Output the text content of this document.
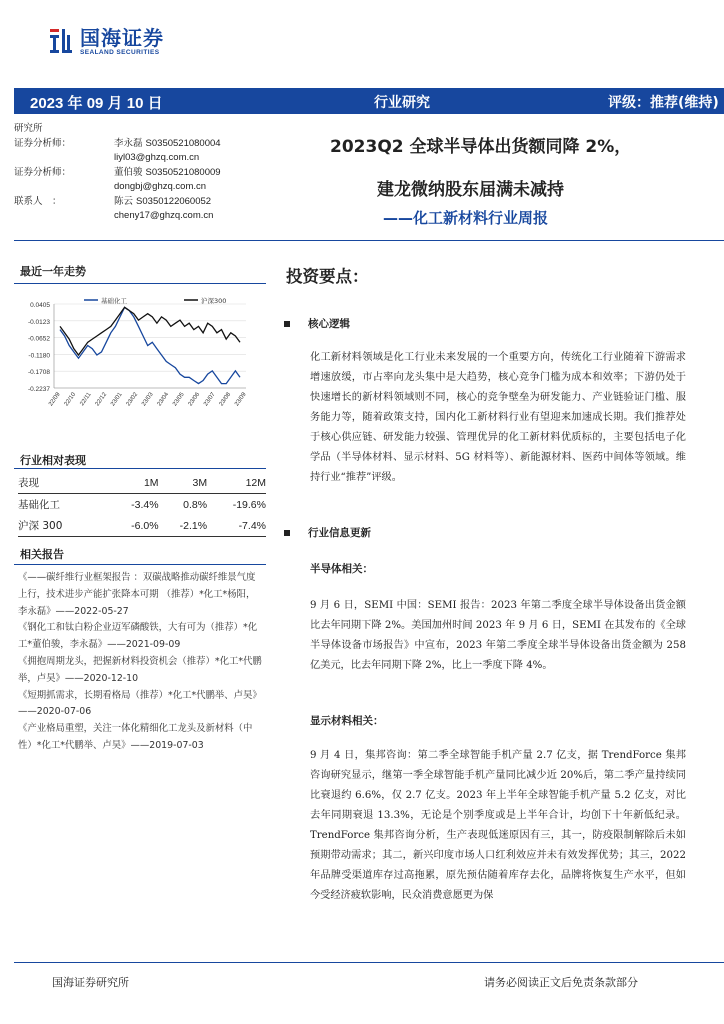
国海证券
SEALAND SECURITIES
2023 年 09 月 10 日	行业研究	评级：推荐(维持)
研究所
证券分析师：	李永磊
S0350521080004
liyl03@ghzq.com.cn
证券分析师：	董伯骏
S0350521080009
dongbj@ghzq.com.cn
联系人　：	陈云
S0350122060052
cheny17@ghzq.com.cn
2023Q2 全球半导体出货额同降 2%，
建龙微纳股东届满未减持
——化工新材料行业周报
最近一年走势
基础化工	沪深300
0.0405
-0.0123
-0.0652
-0.1180
-0.1708
-0.2237
22/09 22/10 22/11 22/12 23/01 23/02 23/03 23/04 23/05 23/06 23/07 23/08 23/09
行业相对表现
表现	1M	3M	12M
基础化工	-3.4%	0.8%	-19.6%
沪深 300	-6.0%	-2.1%	-7.4%
相关报告

《——碳纤维行业框架报告 ：双碳战略推动碳纤维景气度上行，技术进步产能扩张降本可期 （推荐）*化工*杨阳，李永磊》——2022-05-27

《钢化工和钛白粉企业迈军磷酸铁，大有可为（推荐）*化工*董伯骏，李永磊》——2021-09-09

《拥抱周期龙头，把握新材料投资机会（推荐）*化工*代鹏举，卢昊》——2020-12-10

《短期抓需求，长期看格局（推荐）*化工*代鹏举、卢昊》——2020-07-06

《产业格局重塑，关注一体化精细化工龙头及新材料（中性）*化工*代鹏举、卢昊》——2019-07-03

投资要点：
核心逻辑

化工新材料领域是化工行业未来发展的一个重要方向，传统化工行业随着下游需求增速放缓，市占率向龙头集中是大趋势，核心竞争门槛为成本和效率；下游仍处于快速增长的新材料领域则不同，核心的竞争壁垒为研发能力、产业链验证门槛、服务能力等，随着政策支持，国内化工新材料行业有望迎来加速成长期。我们推荐处于核心供应链、研发能力较强、管理优异的化工新材料优质标的，主要包括电子化学品（半导体材料、显示材料、5G 材料等）、新能源材料、医药中间体等领域。维持行业“推荐”评级。

行业信息更新
半导体相关：

9 月 6 日，SEMI 中国：SEMI 报告：2023 年第二季度全球半导体设备出货金额比去年同期下降 2%。美国加州时间 2023 年 9 月 6 日，SEMI 在其发布的《全球半导体设备市场报告》中宣布，2023 年第二季度全球半导体设备出货金额为 258 亿美元，比去年同期下降 2%，比上一季度下降 4%。

显示材料相关：

9 月 4 日，集邦咨询：第二季全球智能手机产量 2.7 亿支，据 TrendForce 集邦咨询研究显示，继第一季全球智能手机产量同比减少近 20%后，第二季产量持续同比衰退约 6.6%，仅 2.7 亿支。2023 年上半年全球智能手机产量 5.2 亿支，对比去年同期衰退 13.3%，无论是个别季度或是上半年合计，均创下十年新低纪录。TrendForce 集邦咨询分析，生产表现低迷原因有三，其一，防疫限制解除后未如预期带动需求；其二，新兴印度市场人口红利效应并未有效发挥优势；其三，2022 年品牌受渠道库存过高拖累，原先预估随着库存去化，品牌将恢复生产水平，但如今受经济疲软影响，民众消费意愿更为保

国海证券研究所	请务必阅读正文后免责条款部分
